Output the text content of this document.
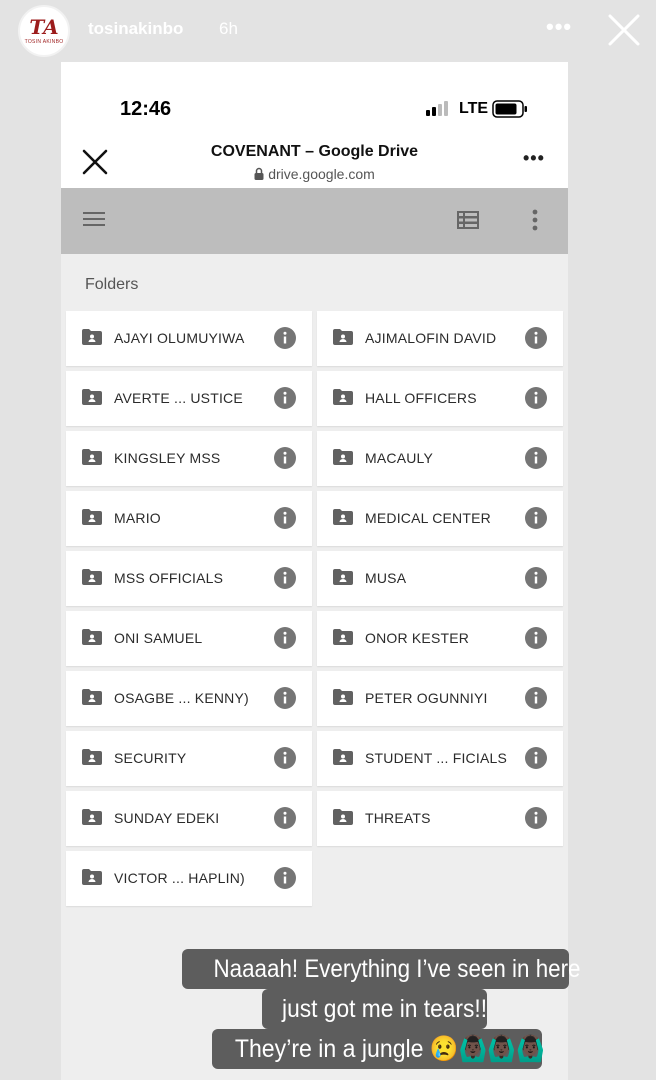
TA
TOSIN AKINBO
tosinakinbo 6h	•••
12:46	LTE
COVENANT – Google Drive
drive.google.com
•••
Folders
AJAYI OLUMUYIWA	AJIMALOFIN DAVID
AVERTE ... USTICE	HALL OFFICERS
KINGSLEY MSS	MACAULY
MARIO	MEDICAL CENTER
MSS OFFICIALS	MUSA
ONI SAMUEL	ONOR KESTER
OSAGBE ... KENNY)	PETER OGUNNIYI
SECURITY	STUDENT ... FICIALS
SUNDAY EDEKI	THREATS
VICTOR ... HAPLIN)
Naaaah! Everything I’ve seen in here
just got me in tears!!
They’re in a jungle 😢🙆🏿‍♂️🙆🏿‍♂️🙆🏿‍♂️
